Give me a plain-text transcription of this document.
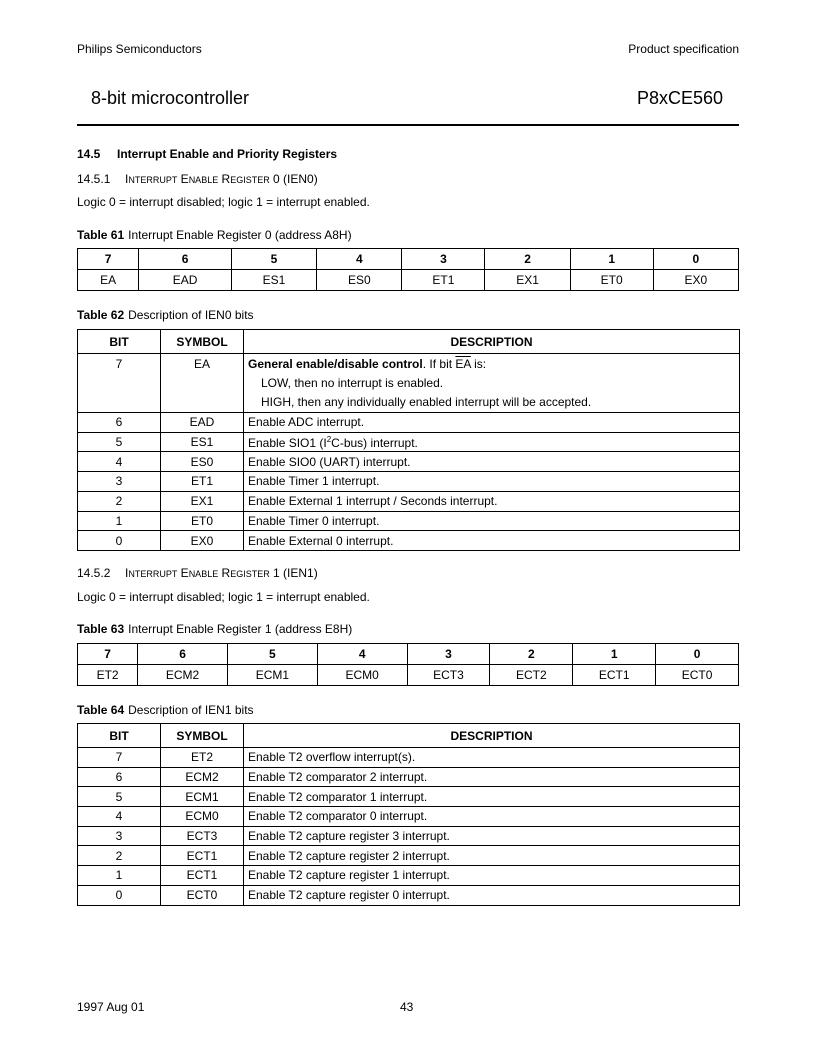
Philips Semiconductors	Product specification
8-bit microcontroller	P8xCE560
14.5 Interrupt Enable and Priority Registers
14.5.1 INTERRUPT ENABLE REGISTER 0 (IEN0)
Logic 0 = interrupt disabled; logic 1 = interrupt enabled.
Table 61 Interrupt Enable Register 0 (address A8H)
7	6	5	4	3	2	1	0
EA	EAD	ES1	ES0	ET1	EX1	ET0	EX0
Table 62 Description of IEN0 bits
BIT	SYMBOL	DESCRIPTION
7	EA	General enable/disable control. If bit $\overline{EA}$ is:
		LOW, then no interrupt is enabled.
		HIGH, then any individually enabled interrupt will be accepted.
6	EAD	Enable ADC interrupt.
5	ES1	Enable SIO1 $(I^2C-bus)$ interrupt.
4	ES0	Enable SIO0 (UART) interrupt.
3	ET1	Enable Timer 1 interrupt.
2	EX1	Enable External 1 interrupt / Seconds interrupt.
1	ET0	Enable Timer 0 interrupt.
0	EX0	Enable External 0 interrupt.
14.5.2 INTERRUPT ENABLE REGISTER 1 (IEN1)
Logic 0 = interrupt disabled; logic 1 = interrupt enabled.
Table 63 Interrupt Enable Register 1 (address E8H)
7	6	5	4	3	2	1	0
ET2	ECM2	ECM1	ECM0	ECT3	ECT2	ECT1	ECT0
Table 64 Description of IEN1 bits
BIT	SYMBOL	DESCRIPTION
7	ET2	Enable T2 overflow interrupt(s).
6	ECM2	Enable T2 comparator 2 interrupt.
5	ECM1	Enable T2 comparator 1 interrupt.
4	ECM0	Enable T2 comparator 0 interrupt.
3	ECT3	Enable T2 capture register 3 interrupt.
2	ECT1	Enable T2 capture register 2 interrupt.
1	ECT1	Enable T2 capture register 1 interrupt.
0	ECT0	Enable T2 capture register 0 interrupt.
1997 Aug 01	43
